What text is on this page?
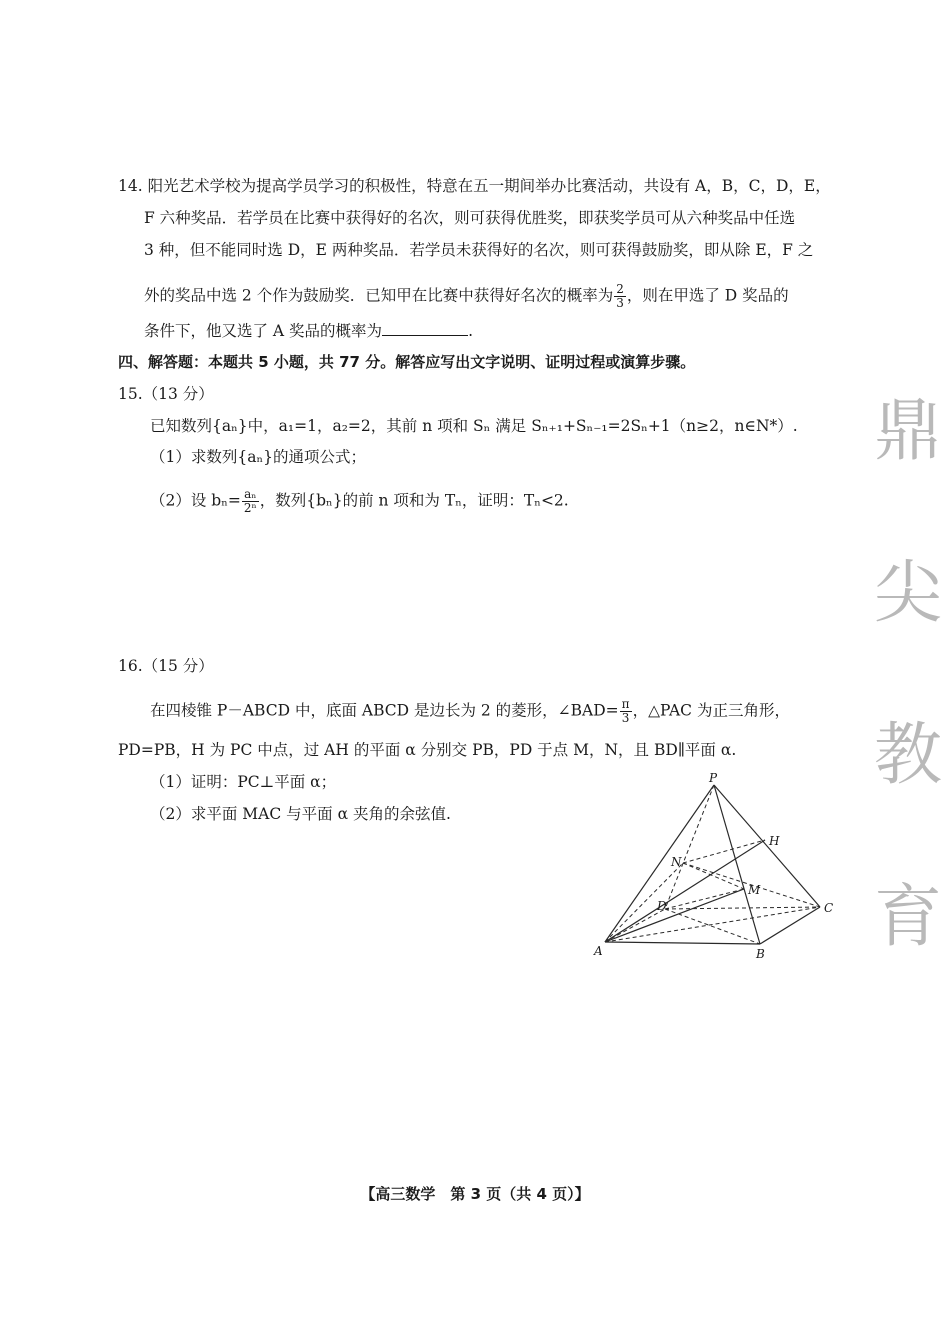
14. 阳光艺术学校为提高学员学习的积极性，特意在五一期间举办比赛活动，共设有 A，B，C，D，E，
F 六种奖品．若学员在比赛中获得好的名次，则可获得优胜奖，即获奖学员可从六种奖品中任选
3 种，但不能同时选 D，E 两种奖品．若学员未获得好的名次，则可获得鼓励奖，即从除 E，F 之
外的奖品中选 2 个作为鼓励奖．已知甲在比赛中获得好名次的概率为 $\frac{2}{3}$ ，则在甲选了 D 奖品的
条件下，他又选了 A 奖品的概率为	.
四、解答题：本题共 5 小题，共 77 分。解答应写出文字说明、证明过程或演算步骤。
15.（13 分）
已知数列{aₙ}中，a₁=1，a₂=2，其前 n 项和 Sₙ 满足 Sₙ₊₁+Sₙ₋₁=2Sₙ+1（n≥2，n∈N*）.
（1）求数列{aₙ}的通项公式；
（2）设 $b_n= \frac{\text{aₙ}}{\text{2ⁿ}}$ ，数列{bₙ}的前 n 项和为 Tₙ，证明：Tₙ<2.
16.（15 分）
在四棱锥 P－ABCD 中，底面 ABCD 是边长为 2 的菱形，∠BAD= $\frac{\pi}{3}$ ，△PAC 为正三角形，
PD=PB，H 为 PC 中点，过 AH 的平面 α 分别交 PB，PD 于点 M，N，且 BD∥平面 α.
（1）证明：PC⊥平面 α；
（2）求平面 MAC 与平面 α 夹角的余弦值.
P
H
N
M
D	C
A	B
鼎
尖
教
育
【高三数学　第 3 页（共 4 页）】
